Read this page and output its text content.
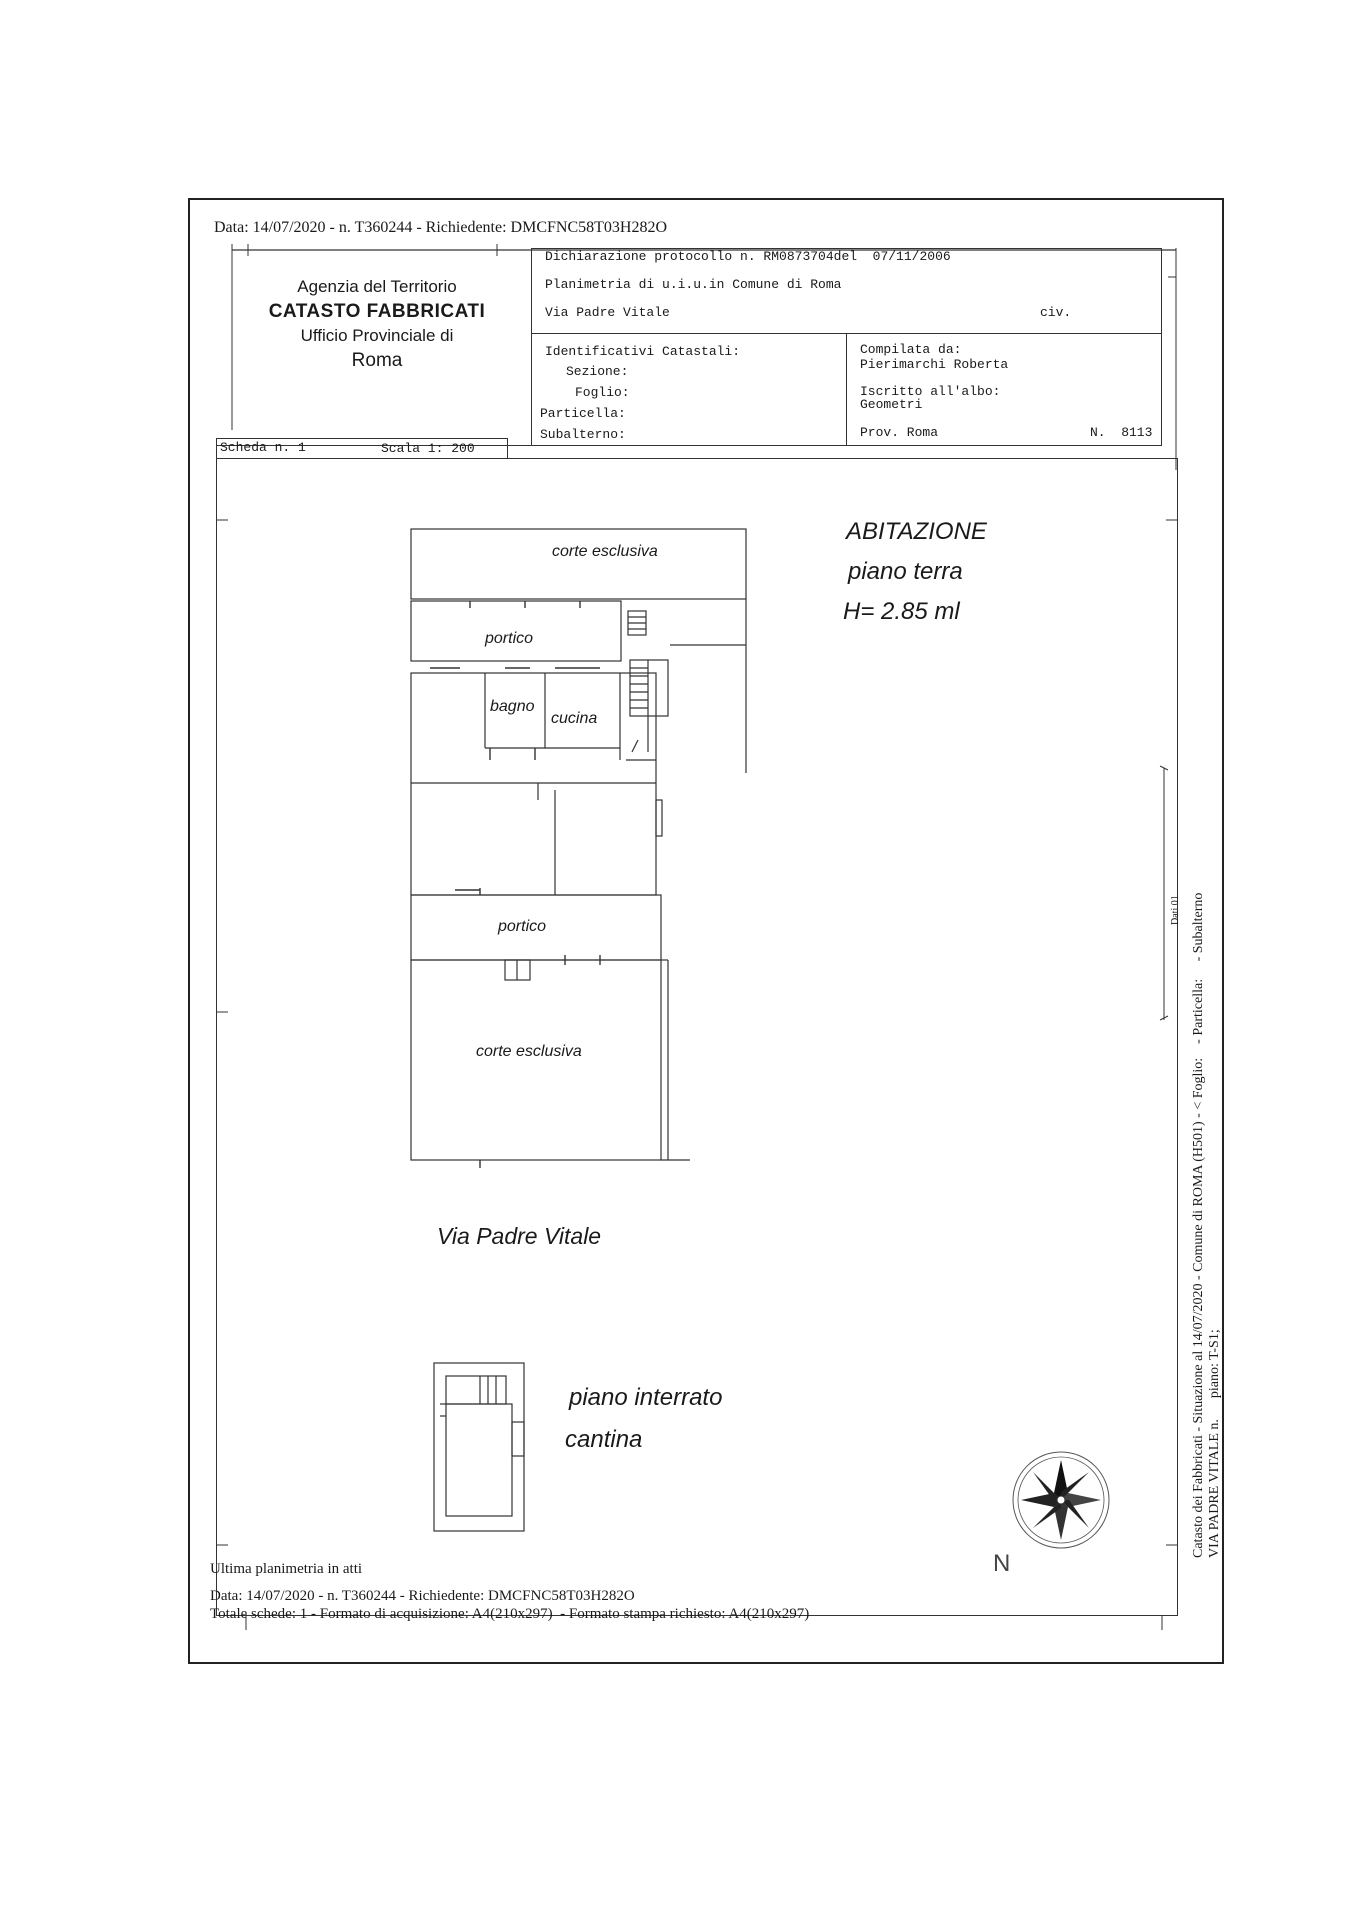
Data: 14/07/2020 - n. T360244 - Richiedente: DMCFNC58T03H282O
Agenzia del Territorio
CATASTO FABBRICATI
Ufficio Provinciale di
Roma
Dichiarazione protocollo n. RM0873704del  07/11/2006
Planimetria di u.i.u.in Comune di Roma
Via Padre Vitale	civ.
Identificativi Catastali:
Sezione:
Foglio:
Particella:
Subalterno:
Compilata da:
Pierimarchi Roberta
Iscritto all'albo:
Geometri
Prov. Roma	N.  8113
Scheda n. 1	Scala 1: 200
ABITAZIONE
piano terra
H= 2.85 ml
corte esclusiva
portico
bagno
cucina
portico
corte esclusiva
Via Padre Vitale
piano interrato
cantina
N
Catasto dei Fabbricati - Situazione al 14/07/2020 - Comune di ROMA (H501) - < Foglio:    - Particella:     - Subalterno VIA PADRE VITALE n.      piano: T-S1;
Dati 01
Ultima planimetria in atti
Data: 14/07/2020 - n. T360244 - Richiedente: DMCFNC58T03H282O
Totale schede: 1 - Formato di acquisizione: A4(210x297)  - Formato stampa richiesto: A4(210x297)
